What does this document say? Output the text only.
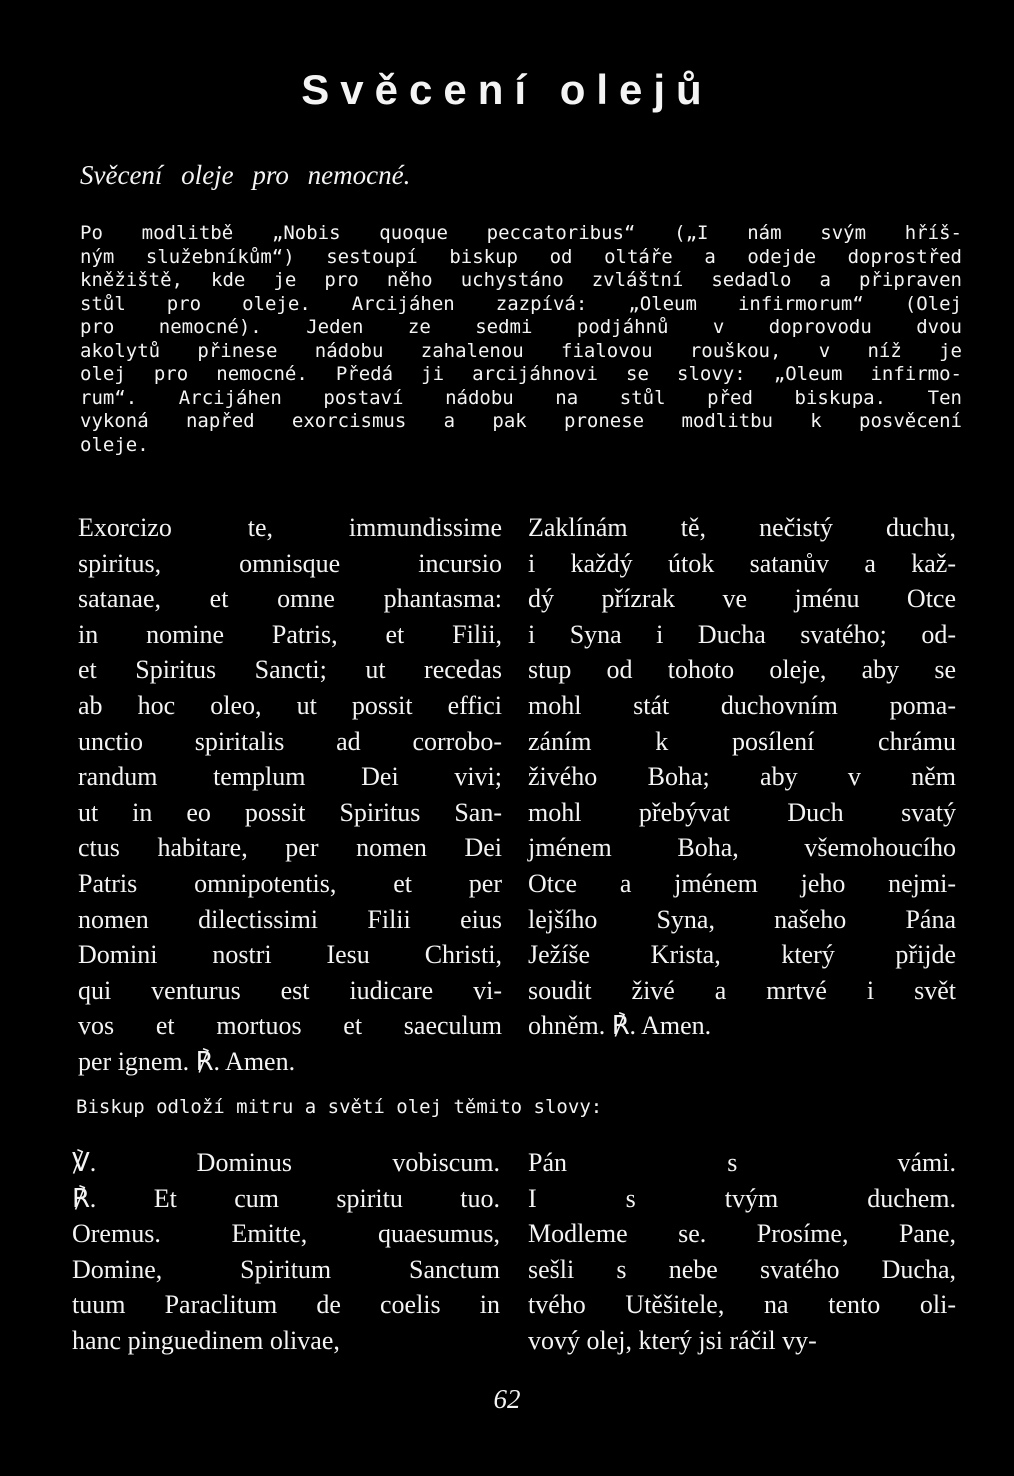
Svěcení olejů

Svěcení oleje pro nemocné.

Po modlitbě „Nobis quoque peccatoribus“ („I nám svým hříš-
ným služebníkům“) sestoupí biskup od oltáře a odejde doprostřed
kněžiště, kde je pro něho uchystáno zvláštní sedadlo a připraven
stůl pro oleje. Arcijáhen zazpívá: „Oleum infirmorum“ (Olej
pro nemocné). Jeden ze sedmi podjáhnů v doprovodu dvou
akolytů přinese nádobu zahalenou fialovou rouškou, v níž je
olej pro nemocné. Předá ji arcijáhnovi se slovy: „Oleum infirmo-
rum“. Arcijáhen postaví nádobu na stůl před biskupa. Ten
vykoná napřed exorcismus a pak pronese modlitbu k posvěcení
oleje.
Exorcizo te, immundissime
spiritus, omnisque incursio
satanae, et omne phantasma:
in nomine Patris, et Filii,
et Spiritus Sancti; ut recedas
ab hoc oleo, ut possit effici
unctio spiritalis ad corrobo-
randum templum Dei vivi;
ut in eo possit Spiritus San-
ctus habitare, per nomen Dei
Patris omnipotentis, et per
nomen dilectissimi Filii eius
Domini nostri Iesu Christi,
qui venturus est iudicare vi-
vos et mortuos et saeculum
per ignem. ℟. Amen.
Zaklínám tě, nečistý duchu,
i každý útok satanův a kaž-
dý přízrak ve jménu Otce
i Syna i Ducha svatého; od-
stup od tohoto oleje, aby se
mohl stát duchovním poma-
záním k posílení chrámu
živého Boha; aby v něm
mohl přebývat Duch svatý
jménem Boha, všemohoucího
Otce a jménem jeho nejmi-
lejšího Syna, našeho Pána
Ježíše Krista, který přijde
soudit živé a mrtvé i svět
ohněm. ℟. Amen.

Biskup odloží mitru a světí olej těmito slovy:

℣. Dominus vobiscum.
℟. Et cum spiritu tuo.
Oremus. Emitte, quaesumus,
Domine, Spiritum Sanctum
tuum Paraclitum de coelis in
hanc pinguedinem olivae,
Pán s vámi.
I s tvým duchem.
Modleme se. Prosíme, Pane,
sešli s nebe svatého Ducha,
tvého Utěšitele, na tento oli-
vový olej, který jsi ráčil vy-

62
